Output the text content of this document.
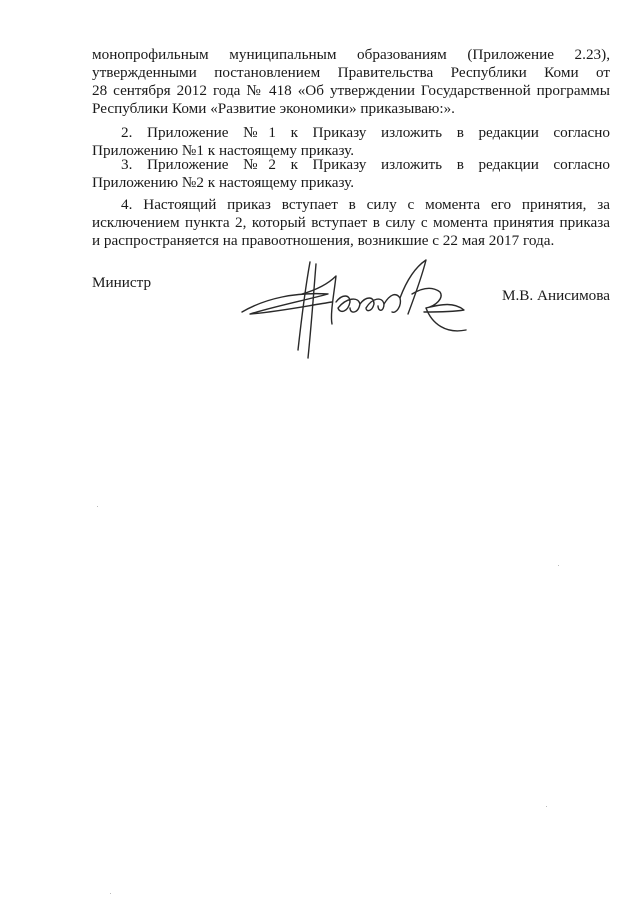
монопрофильным муниципальным образованиям (Приложение 2.23),
утвержденными постановлением Правительства Республики Коми от
28 сентября 2012 года № 418 «Об утверждении Государственной программы
Республики Коми «Развитие экономики» приказываю:».
2. Приложение №1 к Приказу изложить в редакции согласно
Приложению №1 к настоящему приказу.
3. Приложение №2 к Приказу изложить в редакции согласно
Приложению №2 к настоящему приказу.
4. Настоящий приказ вступает в силу с момента его принятия, за
исключением пункта 2, который вступает в силу с момента принятия приказа
и распространяется на правоотношения, возникшие с 22 мая 2017 года.
Министр
М.В. Анисимова
